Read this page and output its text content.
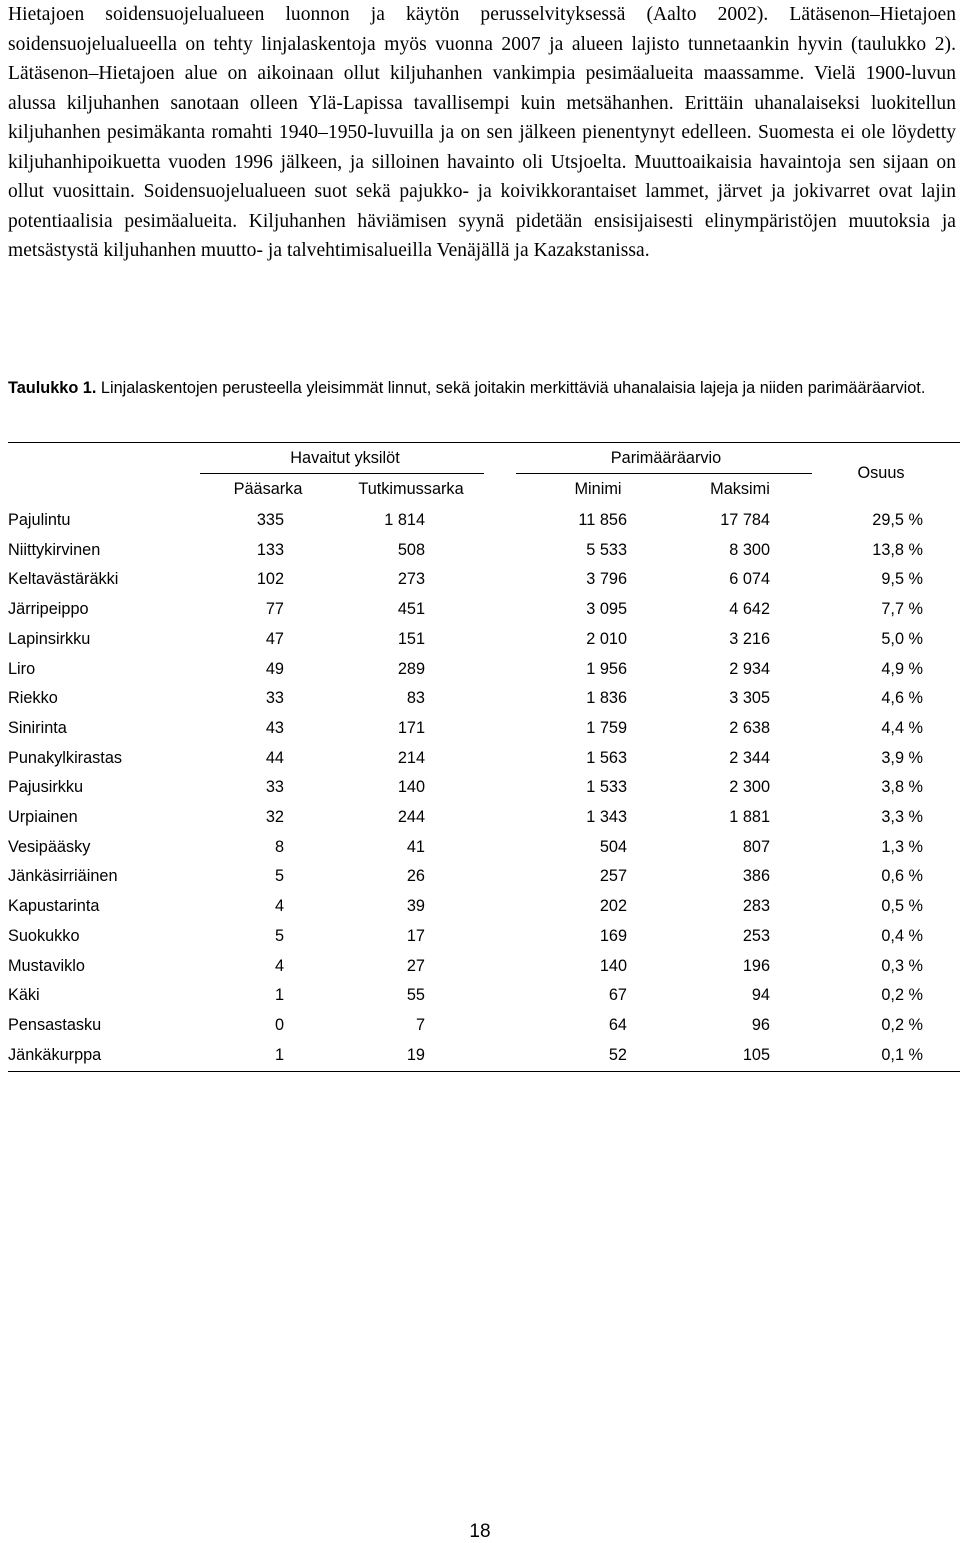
Hietajoen soidensuojelualueen luonnon ja käytön perusselvityksessä (Aalto 2002). Lätäsenon–Hietajoen soidensuojelualueella on tehty linjalaskentoja myös vuonna 2007 ja alueen lajisto tunnetaankin hyvin (taulukko 2). Lätäsenon–Hietajoen alue on aikoinaan ollut kiljuhanhen vankimpia pesimäalueita maassamme. Vielä 1900-luvun alussa kiljuhanhen sanotaan olleen Ylä-Lapissa tavallisempi kuin metsähanhen. Erittäin uhanalaiseksi luokitellun kiljuhanhen pesimäkanta romahti 1940–1950-luvuilla ja on sen jälkeen pienentynyt edelleen. Suomesta ei ole löydetty kiljuhanhipoikuetta vuoden 1996 jälkeen, ja silloinen havainto oli Utsjoelta. Muuttoaikaisia havaintoja sen sijaan on ollut vuosittain. Soidensuojelualueen suot sekä pajukko- ja koivikkorantaiset lammet, järvet ja jokivarret ovat lajin potentiaalisia pesimäalueita. Kiljuhanhen häviämisen syynä pidetään ensisijaisesti elinympäristöjen muutoksia ja metsästystä kiljuhanhen muutto- ja talvehtimisalueilla Venäjällä ja Kazakstanissa.

Taulukko 1. Linjalaskentojen perusteella yleisimmät linnut, sekä joitakin merkittäviä uhanalaisia lajeja ja niiden parimääräarviot.

Havaitut yksilöt	Parimääräarvio
Osuus
Pääsarka	Tutkimussarka	Minimi	Maksimi
Pajulintu	335	1 814	11 856	17 784	29,5 %
Niittykirvinen	133	508	5 533	8 300	13,8 %
Keltavästäräkki	102	273	3 796	6 074	9,5 %
Järripeippo	77	451	3 095	4 642	7,7 %
Lapinsirkku	47	151	2 010	3 216	5,0 %
Liro	49	289	1 956	2 934	4,9 %
Riekko	33	83	1 836	3 305	4,6 %
Sinirinta	43	171	1 759	2 638	4,4 %
Punakylkirastas	44	214	1 563	2 344	3,9 %
Pajusirkku	33	140	1 533	2 300	3,8 %
Urpiainen	32	244	1 343	1 881	3,3 %
Vesipääsky	8	41	504	807	1,3 %
Jänkäsirriäinen	5	26	257	386	0,6 %
Kapustarinta	4	39	202	283	0,5 %
Suokukko	5	17	169	253	0,4 %
Mustaviklo	4	27	140	196	0,3 %
Käki	1	55	67	94	0,2 %
Pensastasku	0	7	64	96	0,2 %
Jänkäkurppa	1	19	52	105	0,1 %
18
